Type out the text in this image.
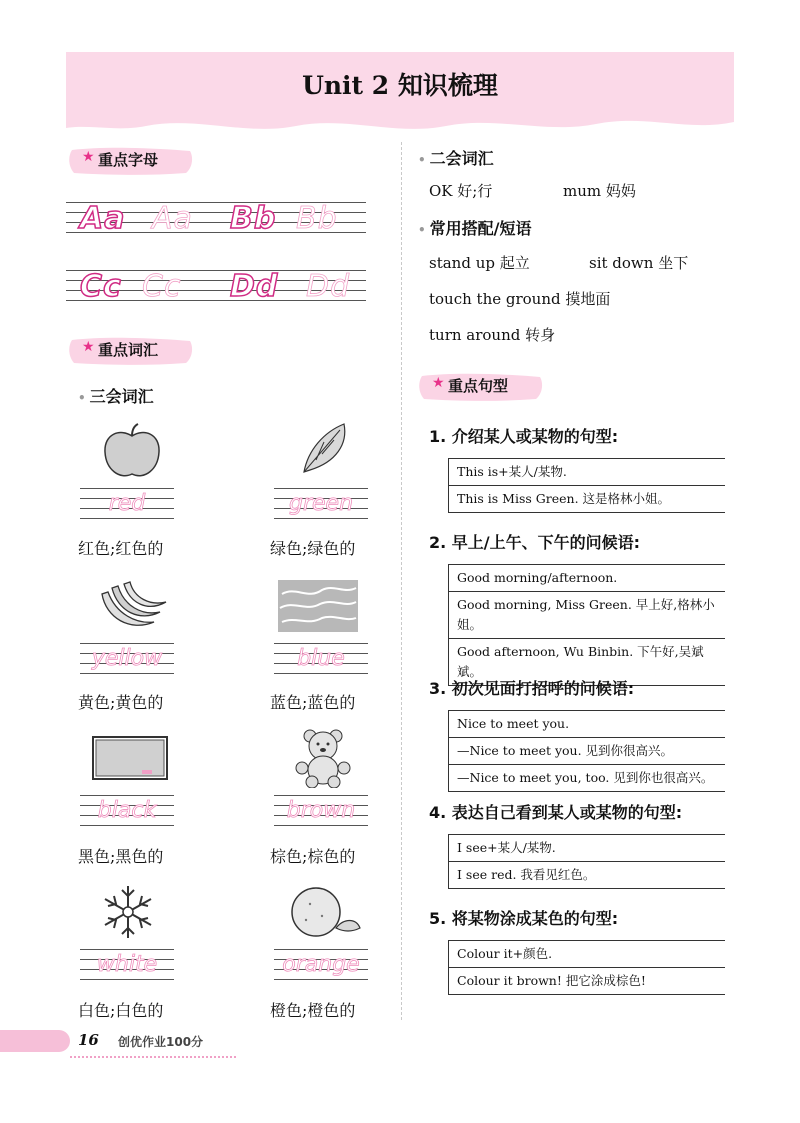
Unit 2 知识梳理
★ 重点字母
Aa Aa Bb Bb
Cc Cc Dd Dd
★ 重点词汇
• 三会词汇
red
红色;红色的
green
绿色;绿色的
yellow
黄色;黄色的
blue
蓝色;蓝色的
black
黑色;黑色的
brown
棕色;棕色的
white
白色;白色的
orange
橙色;橙色的
• 二会词汇
OK 好;行	mum 妈妈
• 常用搭配/短语
stand up 起立	sit down 坐下
touch the ground 摸地面
turn around 转身
★ 重点句型
1. 介绍某人或某物的句型:
This is+某人/某物.
This is Miss Green. 这是格林小姐。
2. 早上/上午、下午的问候语:
Good morning/afternoon.
Good morning, Miss Green. 早上好,格林小姐。
Good afternoon, Wu Binbin. 下午好,吴斌斌。
3. 初次见面打招呼的问候语:
Nice to meet you.
—Nice to meet you. 见到你很高兴。
—Nice to meet you, too. 见到你也很高兴。
4. 表达自己看到某人或某物的句型:
I see+某人/某物.
I see red. 我看见红色。
5. 将某物涂成某色的句型:
Colour it+颜色.
Colour it brown! 把它涂成棕色!
16 创优作业100分
